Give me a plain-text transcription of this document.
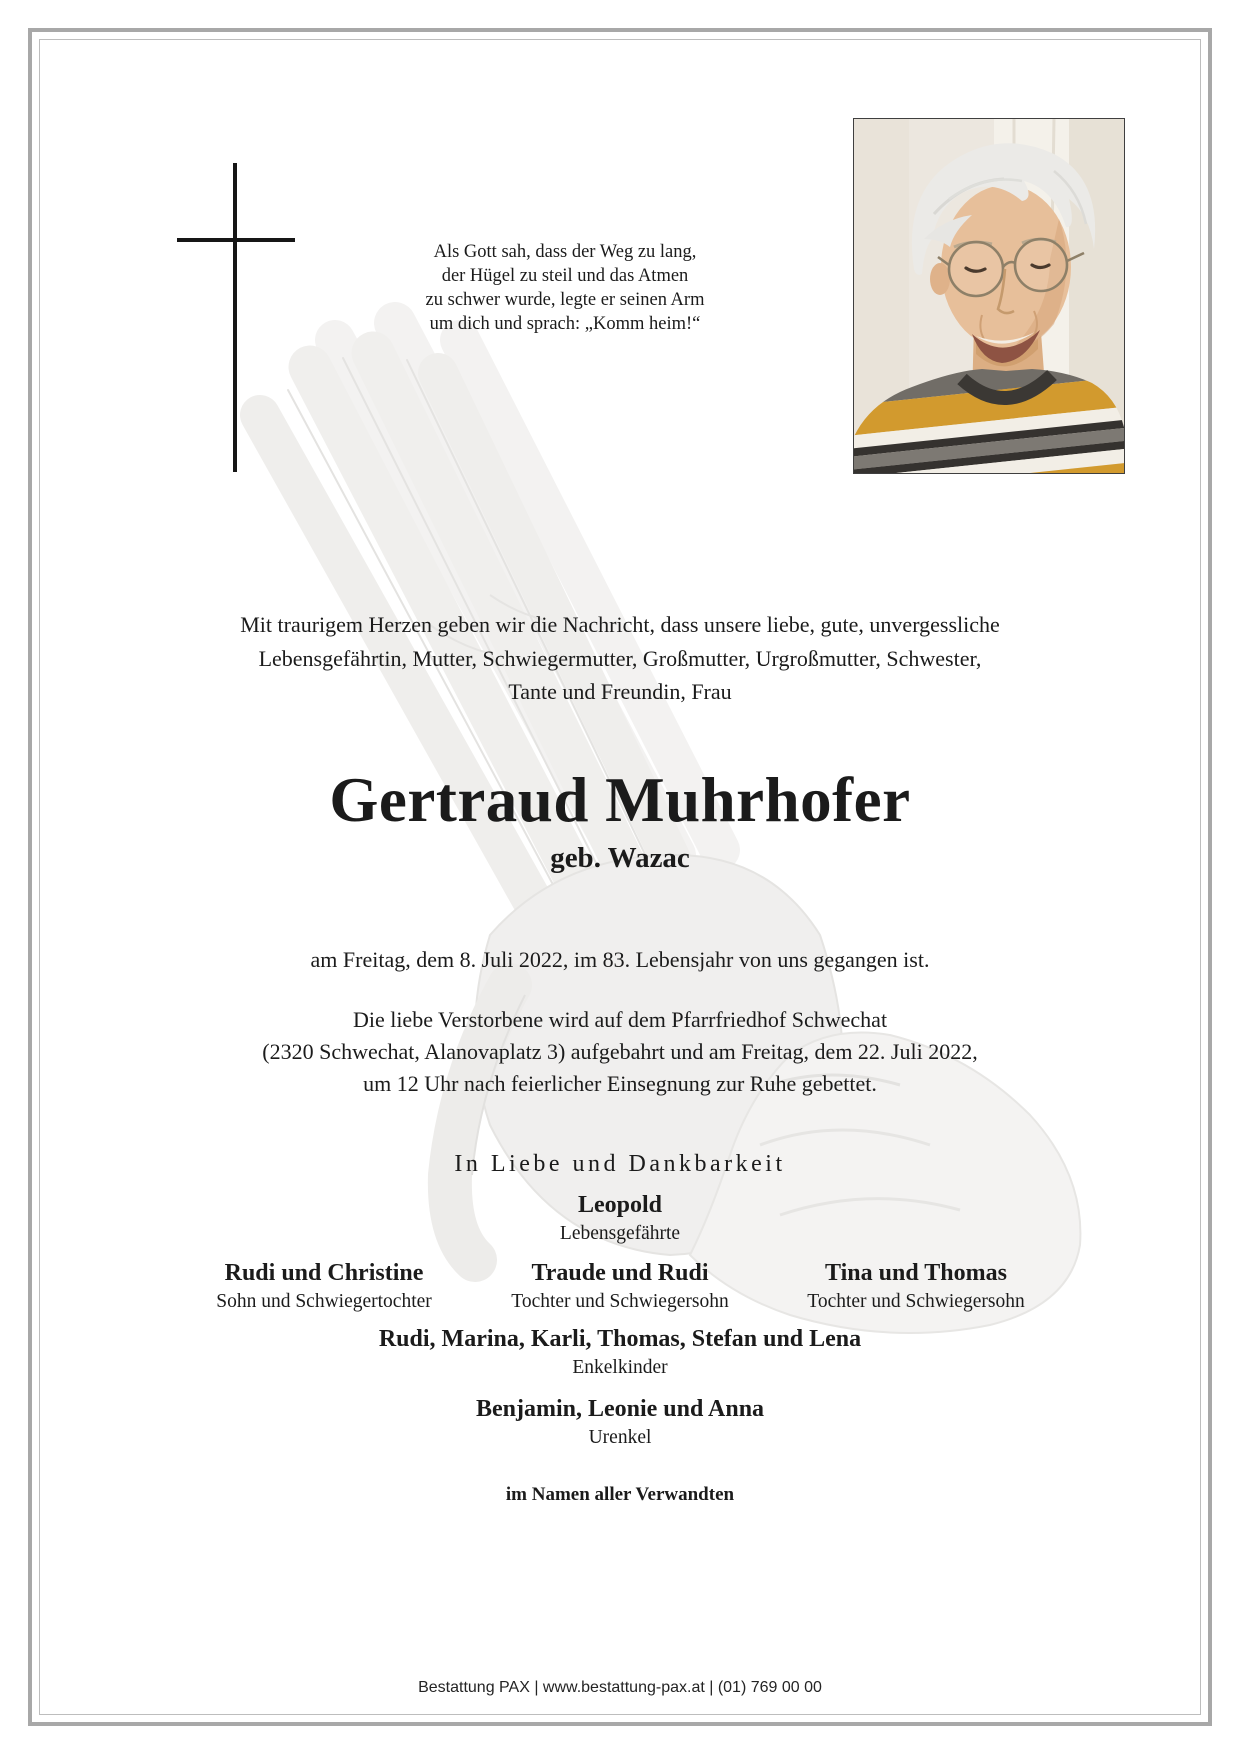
Als Gott sah, dass der Weg zu lang,
der Hügel zu steil und das Atmen
zu schwer wurde, legte er seinen Arm
um dich und sprach: „Komm heim!“
Mit traurigem Herzen geben wir die Nachricht, dass unsere liebe, gute, unvergessliche
Lebensgefährtin, Mutter, Schwiegermutter, Großmutter, Urgroßmutter, Schwester,
Tante und Freundin, Frau
Gertraud Muhrhofer
geb. Wazac
am Freitag, dem 8. Juli 2022, im 83. Lebensjahr von uns gegangen ist.
Die liebe Verstorbene wird auf dem Pfarrfriedhof Schwechat
(2320 Schwechat, Alanovaplatz 3) aufgebahrt und am Freitag, dem 22. Juli 2022,
um 12 Uhr nach feierlicher Einsegnung zur Ruhe gebettet.
In Liebe und Dankbarkeit
Leopold
Lebensgefährte
Rudi und Christine
Sohn und Schwiegertochter
Traude und Rudi
Tochter und Schwiegersohn
Tina und Thomas
Tochter und Schwiegersohn
Rudi, Marina, Karli, Thomas, Stefan und Lena
Enkelkinder
Benjamin, Leonie und Anna
Urenkel
im Namen aller Verwandten
Bestattung PAX | www.bestattung-pax.at | (01) 769 00 00
